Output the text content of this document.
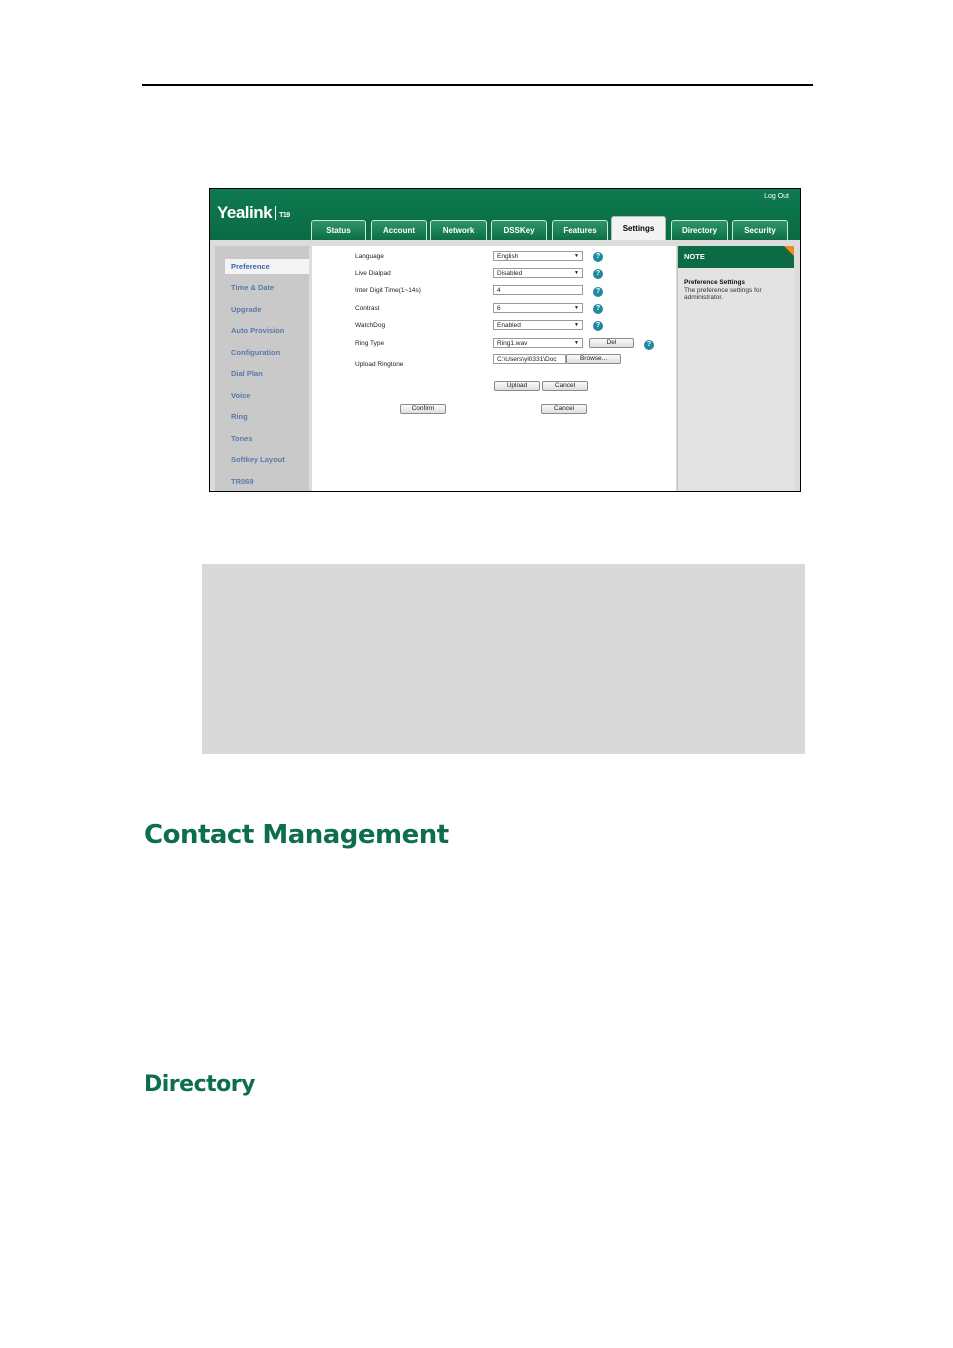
Yealink T19
Log Out
Status	Account	Network	DSSKey	Features	Settings	Directory	Security
Preference
Time & Date
Upgrade
Auto Provision
Configuration
Dial Plan
Voice
Ring
Tones
Softkey Layout
TR069
Language	English	▼	?
Live Dialpad	Disabled	▼	?
Inter Digit Time(1~14s)	4	?
Contrast	6	▼	?
WatchDog	Enabled	▼	?
Ring Type	Ring1.wav	▼	Del	?
Upload Ringtone
C:\Users\yl0331\Doc	Browse...
Upload	Cancel
Confirm	Cancel
NOTE
Preference Settings
The preference settings for administrator.
Contact Management
Directory
